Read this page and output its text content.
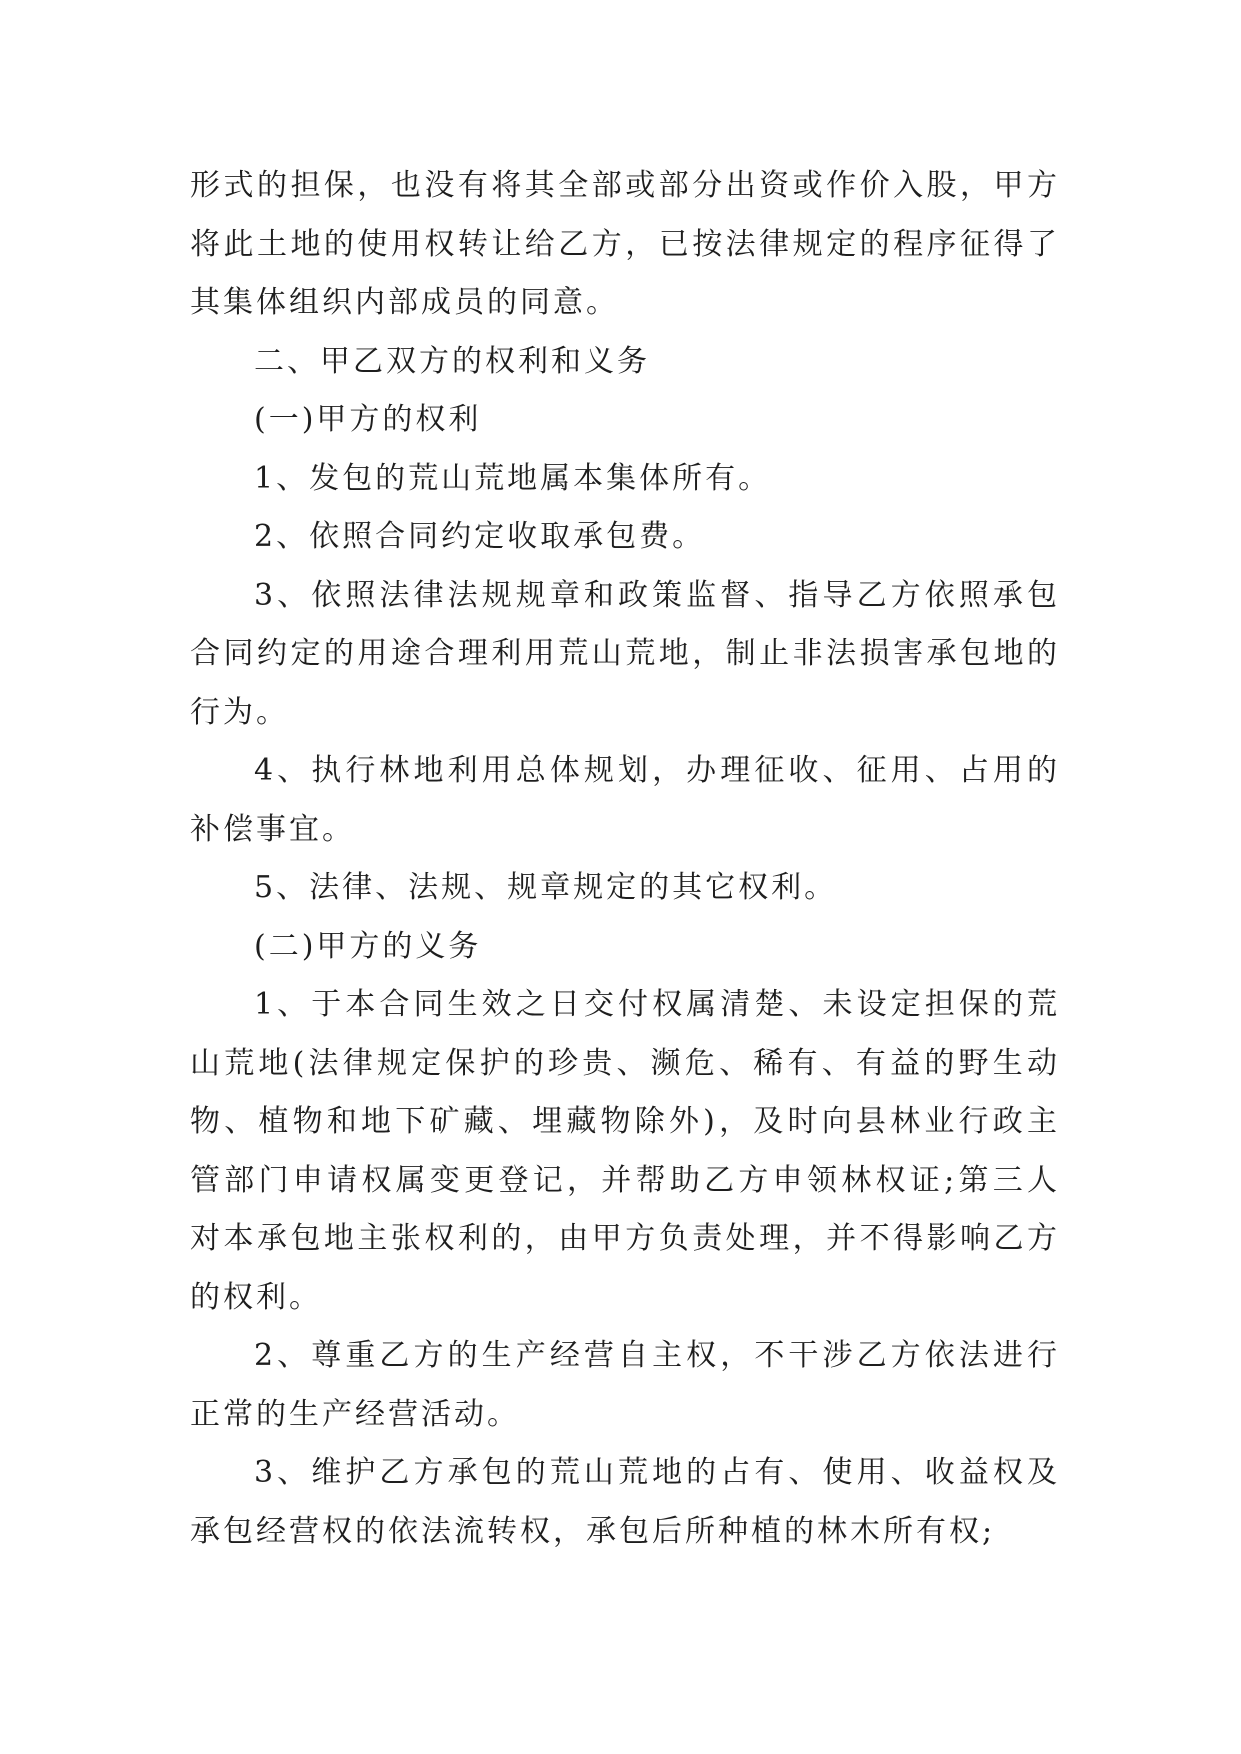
形式的担保，也没有将其全部或部分出资或作价入股，甲方将此土地的使用权转让给乙方，已按法律规定的程序征得了其集体组织内部成员的同意。

二、甲乙双方的权利和义务

(一)甲方的权利

1、发包的荒山荒地属本集体所有。

2、依照合同约定收取承包费。

3、依照法律法规规章和政策监督、指导乙方依照承包合同约定的用途合理利用荒山荒地，制止非法损害承包地的行为。

4、执行林地利用总体规划，办理征收、征用、占用的补偿事宜。

5、法律、法规、规章规定的其它权利。

(二)甲方的义务

1、于本合同生效之日交付权属清楚、未设定担保的荒山荒地(法律规定保护的珍贵、濒危、稀有、有益的野生动物、植物和地下矿藏、埋藏物除外)，及时向县林业行政主管部门申请权属变更登记，并帮助乙方申领林权证;第三人对本承包地主张权利的，由甲方负责处理，并不得影响乙方的权利。

2、尊重乙方的生产经营自主权，不干涉乙方依法进行正常的生产经营活动。

3、维护乙方承包的荒山荒地的占有、使用、收益权及承包经营权的依法流转权，承包后所种植的林木所有权;
